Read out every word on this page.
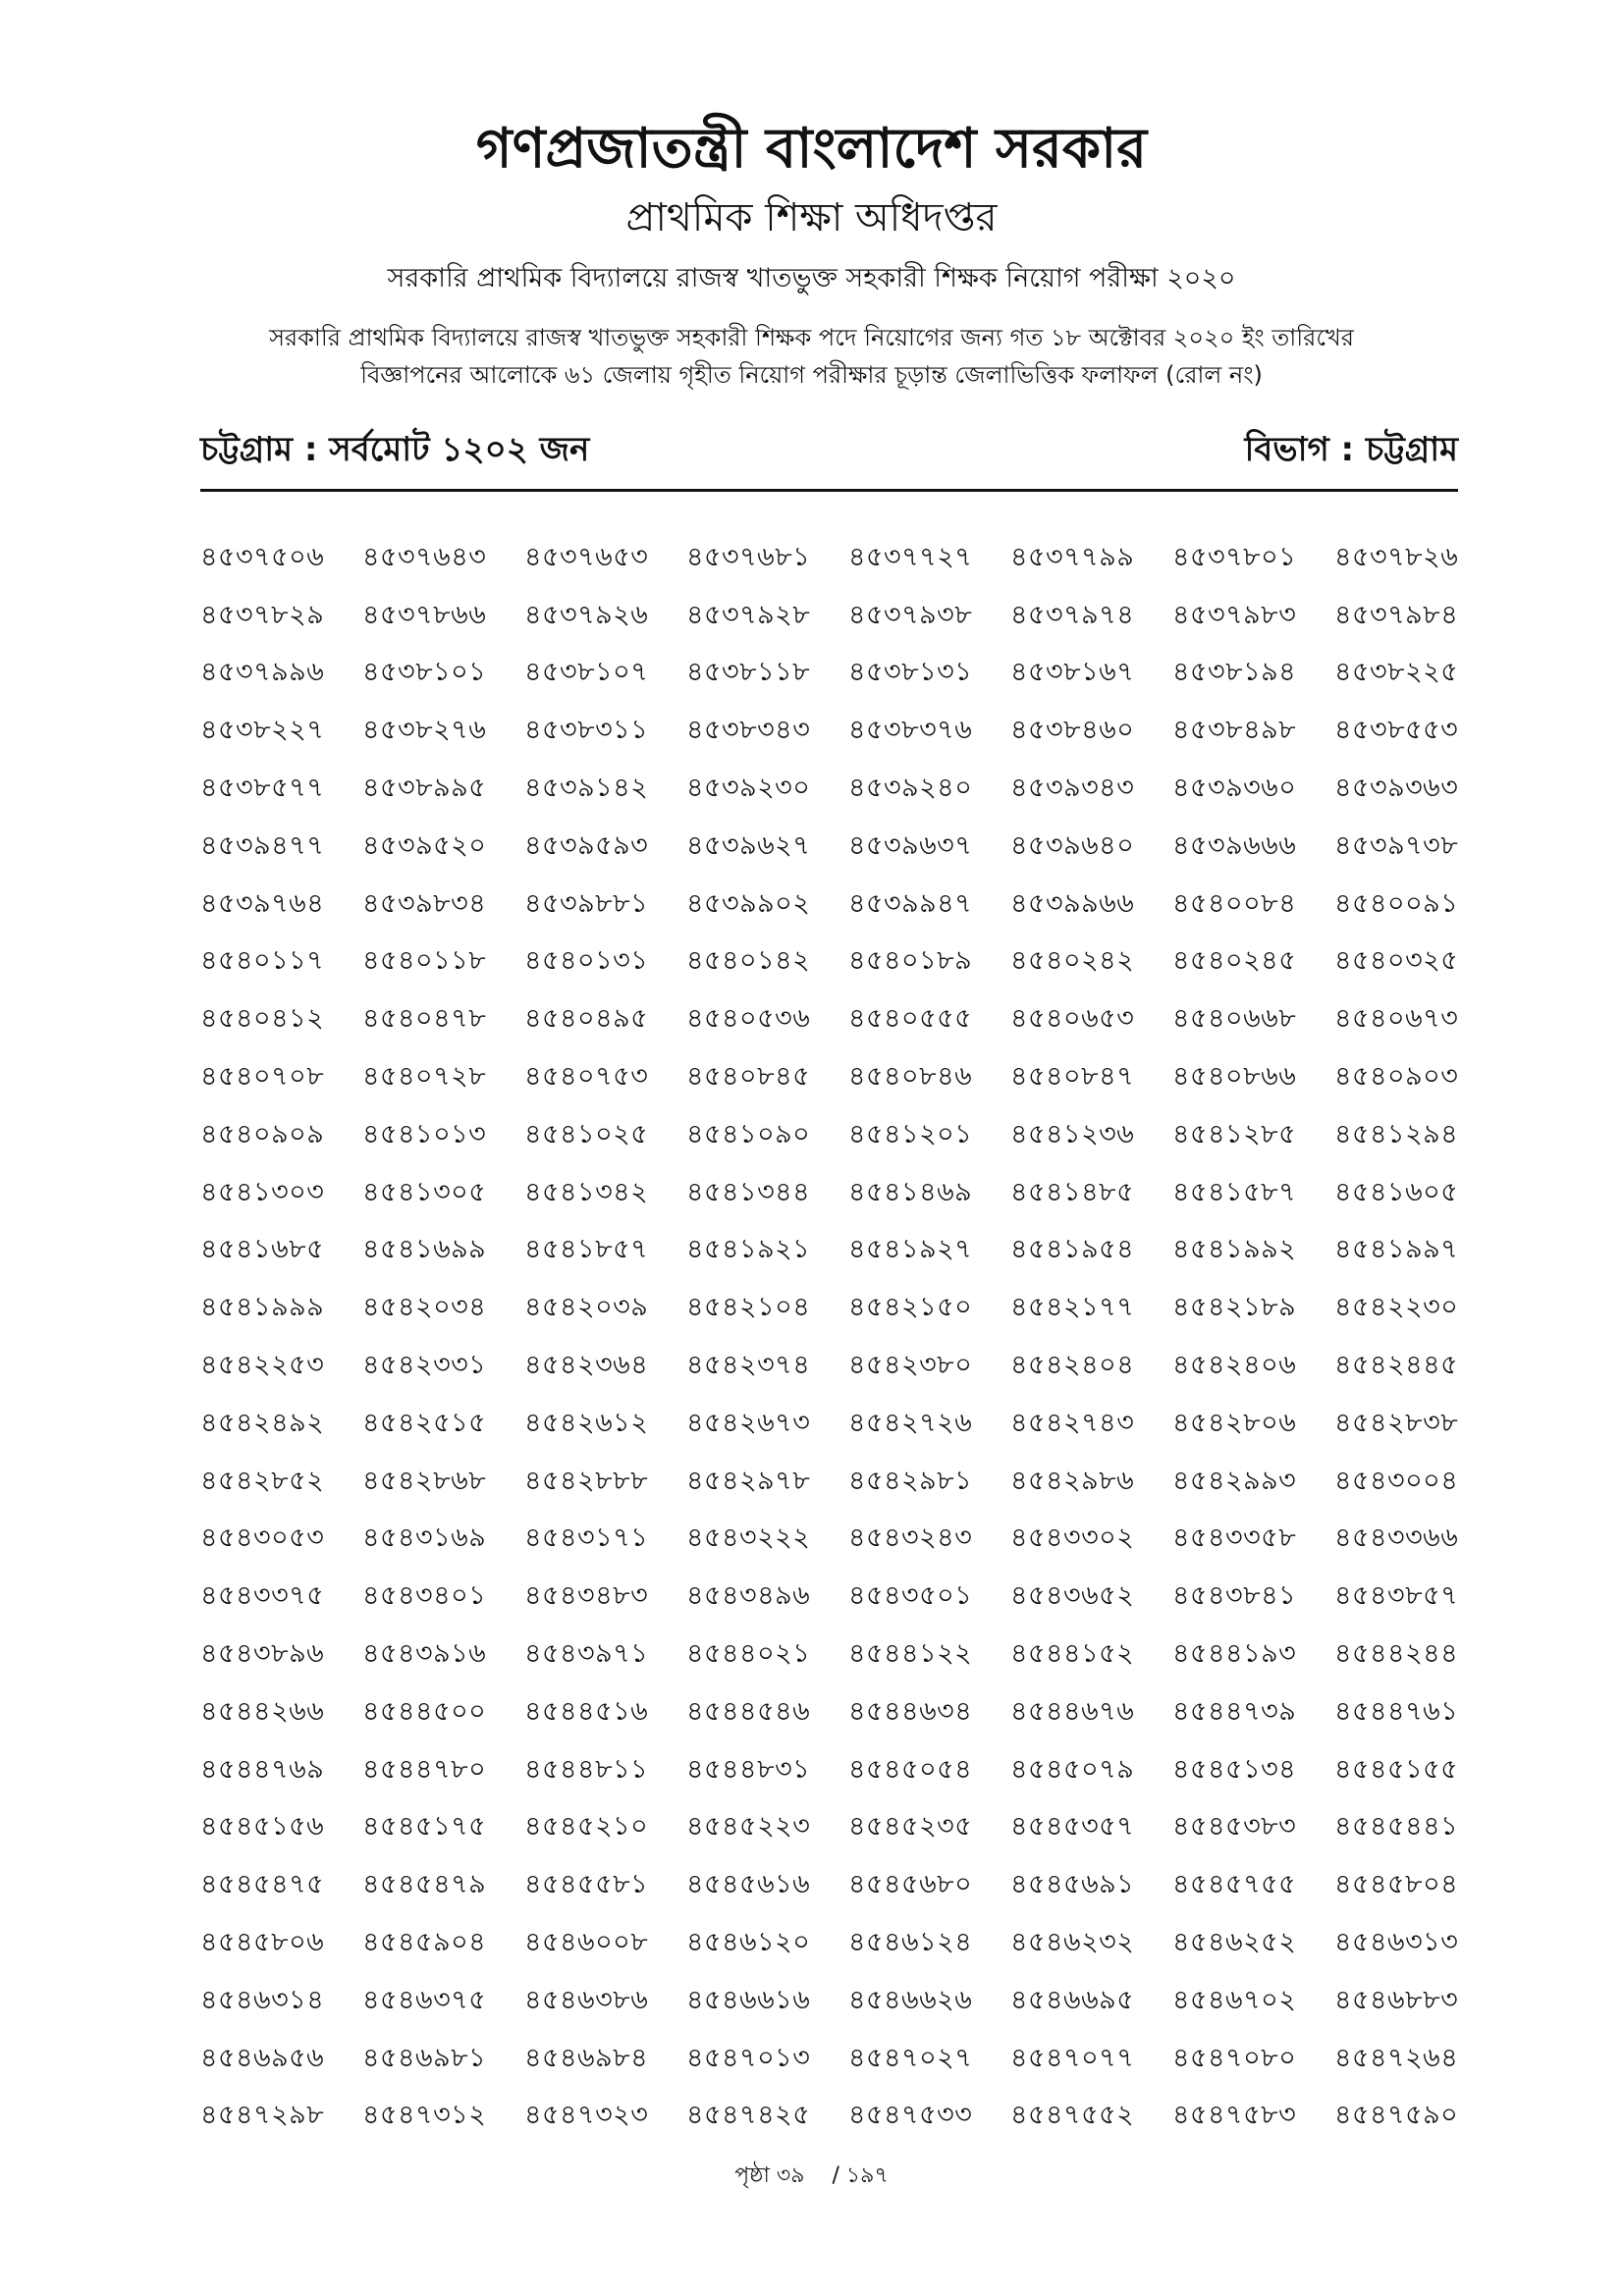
গণপ্রজাতন্ত্রী বাংলাদেশ সরকার
প্রাথমিক শিক্ষা অধিদপ্তর
সরকারি প্রাথমিক বিদ্যালয়ে রাজস্ব খাতভুক্ত সহকারী শিক্ষক নিয়োগ পরীক্ষা ২০২০
সরকারি প্রাথমিক বিদ্যালয়ে রাজস্ব খাতভুক্ত সহকারী শিক্ষক পদে নিয়োগের জন্য গত ১৮ অক্টোবর ২০২০ ইং তারিখের
বিজ্ঞাপনের আলোকে ৬১ জেলায় গৃহীত নিয়োগ পরীক্ষার চূড়ান্ত জেলাভিত্তিক ফলাফল (রোল নং)
চট্টগ্রাম : সর্বমোট ১২০২ জন	বিভাগ : চট্টগ্রাম
৪৫৩৭৫০৬	৪৫৩৭৬৪৩	৪৫৩৭৬৫৩	৪৫৩৭৬৮১	৪৫৩৭৭২৭	৪৫৩৭৭৯৯	৪৫৩৭৮০১	৪৫৩৭৮২৬
৪৫৩৭৮২৯	৪৫৩৭৮৬৬	৪৫৩৭৯২৬	৪৫৩৭৯২৮	৪৫৩৭৯৩৮	৪৫৩৭৯৭৪	৪৫৩৭৯৮৩	৪৫৩৭৯৮৪
৪৫৩৭৯৯৬	৪৫৩৮১০১	৪৫৩৮১০৭	৪৫৩৮১১৮	৪৫৩৮১৩১	৪৫৩৮১৬৭	৪৫৩৮১৯৪	৪৫৩৮২২৫
৪৫৩৮২২৭	৪৫৩৮২৭৬	৪৫৩৮৩১১	৪৫৩৮৩৪৩	৪৫৩৮৩৭৬	৪৫৩৮৪৬০	৪৫৩৮৪৯৮	৪৫৩৮৫৫৩
৪৫৩৮৫৭৭	৪৫৩৮৯৯৫	৪৫৩৯১৪২	৪৫৩৯২৩০	৪৫৩৯২৪০	৪৫৩৯৩৪৩	৪৫৩৯৩৬০	৪৫৩৯৩৬৩
৪৫৩৯৪৭৭	৪৫৩৯৫২০	৪৫৩৯৫৯৩	৪৫৩৯৬২৭	৪৫৩৯৬৩৭	৪৫৩৯৬৪০	৪৫৩৯৬৬৬	৪৫৩৯৭৩৮
৪৫৩৯৭৬৪	৪৫৩৯৮৩৪	৪৫৩৯৮৮১	৪৫৩৯৯০২	৪৫৩৯৯৪৭	৪৫৩৯৯৬৬	৪৫৪০০৮৪	৪৫৪০০৯১
৪৫৪০১১৭	৪৫৪০১১৮	৪৫৪০১৩১	৪৫৪০১৪২	৪৫৪০১৮৯	৪৫৪০২৪২	৪৫৪০২৪৫	৪৫৪০৩২৫
৪৫৪০৪১২	৪৫৪০৪৭৮	৪৫৪০৪৯৫	৪৫৪০৫৩৬	৪৫৪০৫৫৫	৪৫৪০৬৫৩	৪৫৪০৬৬৮	৪৫৪০৬৭৩
৪৫৪০৭০৮	৪৫৪০৭২৮	৪৫৪০৭৫৩	৪৫৪০৮৪৫	৪৫৪০৮৪৬	৪৫৪০৮৪৭	৪৫৪০৮৬৬	৪৫৪০৯০৩
৪৫৪০৯০৯	৪৫৪১০১৩	৪৫৪১০২৫	৪৫৪১০৯০	৪৫৪১২০১	৪৫৪১২৩৬	৪৫৪১২৮৫	৪৫৪১২৯৪
৪৫৪১৩০৩	৪৫৪১৩০৫	৪৫৪১৩৪২	৪৫৪১৩৪৪	৪৫৪১৪৬৯	৪৫৪১৪৮৫	৪৫৪১৫৮৭	৪৫৪১৬০৫
৪৫৪১৬৮৫	৪৫৪১৬৯৯	৪৫৪১৮৫৭	৪৫৪১৯২১	৪৫৪১৯২৭	৪৫৪১৯৫৪	৪৫৪১৯৯২	৪৫৪১৯৯৭
৪৫৪১৯৯৯	৪৫৪২০৩৪	৪৫৪২০৩৯	৪৫৪২১০৪	৪৫৪২১৫০	৪৫৪২১৭৭	৪৫৪২১৮৯	৪৫৪২২৩০
৪৫৪২২৫৩	৪৫৪২৩৩১	৪৫৪২৩৬৪	৪৫৪২৩৭৪	৪৫৪২৩৮০	৪৫৪২৪০৪	৪৫৪২৪০৬	৪৫৪২৪৪৫
৪৫৪২৪৯২	৪৫৪২৫১৫	৪৫৪২৬১২	৪৫৪২৬৭৩	৪৫৪২৭২৬	৪৫৪২৭৪৩	৪৫৪২৮০৬	৪৫৪২৮৩৮
৪৫৪২৮৫২	৪৫৪২৮৬৮	৪৫৪২৮৮৮	৪৫৪২৯৭৮	৪৫৪২৯৮১	৪৫৪২৯৮৬	৪৫৪২৯৯৩	৪৫৪৩০০৪
৪৫৪৩০৫৩	৪৫৪৩১৬৯	৪৫৪৩১৭১	৪৫৪৩২২২	৪৫৪৩২৪৩	৪৫৪৩৩০২	৪৫৪৩৩৫৮	৪৫৪৩৩৬৬
৪৫৪৩৩৭৫	৪৫৪৩৪০১	৪৫৪৩৪৮৩	৪৫৪৩৪৯৬	৪৫৪৩৫০১	৪৫৪৩৬৫২	৪৫৪৩৮৪১	৪৫৪৩৮৫৭
৪৫৪৩৮৯৬	৪৫৪৩৯১৬	৪৫৪৩৯৭১	৪৫৪৪০২১	৪৫৪৪১২২	৪৫৪৪১৫২	৪৫৪৪১৯৩	৪৫৪৪২৪৪
৪৫৪৪২৬৬	৪৫৪৪৫০০	৪৫৪৪৫১৬	৪৫৪৪৫৪৬	৪৫৪৪৬৩৪	৪৫৪৪৬৭৬	৪৫৪৪৭৩৯	৪৫৪৪৭৬১
৪৫৪৪৭৬৯	৪৫৪৪৭৮০	৪৫৪৪৮১১	৪৫৪৪৮৩১	৪৫৪৫০৫৪	৪৫৪৫০৭৯	৪৫৪৫১৩৪	৪৫৪৫১৫৫
৪৫৪৫১৫৬	৪৫৪৫১৭৫	৪৫৪৫২১০	৪৫৪৫২২৩	৪৫৪৫২৩৫	৪৫৪৫৩৫৭	৪৫৪৫৩৮৩	৪৫৪৫৪৪১
৪৫৪৫৪৭৫	৪৫৪৫৪৭৯	৪৫৪৫৫৮১	৪৫৪৫৬১৬	৪৫৪৫৬৮০	৪৫৪৫৬৯১	৪৫৪৫৭৫৫	৪৫৪৫৮০৪
৪৫৪৫৮০৬	৪৫৪৫৯০৪	৪৫৪৬০০৮	৪৫৪৬১২০	৪৫৪৬১২৪	৪৫৪৬২৩২	৪৫৪৬২৫২	৪৫৪৬৩১৩
৪৫৪৬৩১৪	৪৫৪৬৩৭৫	৪৫৪৬৩৮৬	৪৫৪৬৬১৬	৪৫৪৬৬২৬	৪৫৪৬৬৯৫	৪৫৪৬৭০২	৪৫৪৬৮৮৩
৪৫৪৬৯৫৬	৪৫৪৬৯৮১	৪৫৪৬৯৮৪	৪৫৪৭০১৩	৪৫৪৭০২৭	৪৫৪৭০৭৭	৪৫৪৭০৮০	৪৫৪৭২৬৪
৪৫৪৭২৯৮	৪৫৪৭৩১২	৪৫৪৭৩২৩	৪৫৪৭৪২৫	৪৫৪৭৫৩৩	৪৫৪৭৫৫২	৪৫৪৭৫৮৩	৪৫৪৭৫৯০
পৃষ্ঠা ৩৯ / ১৯৭
